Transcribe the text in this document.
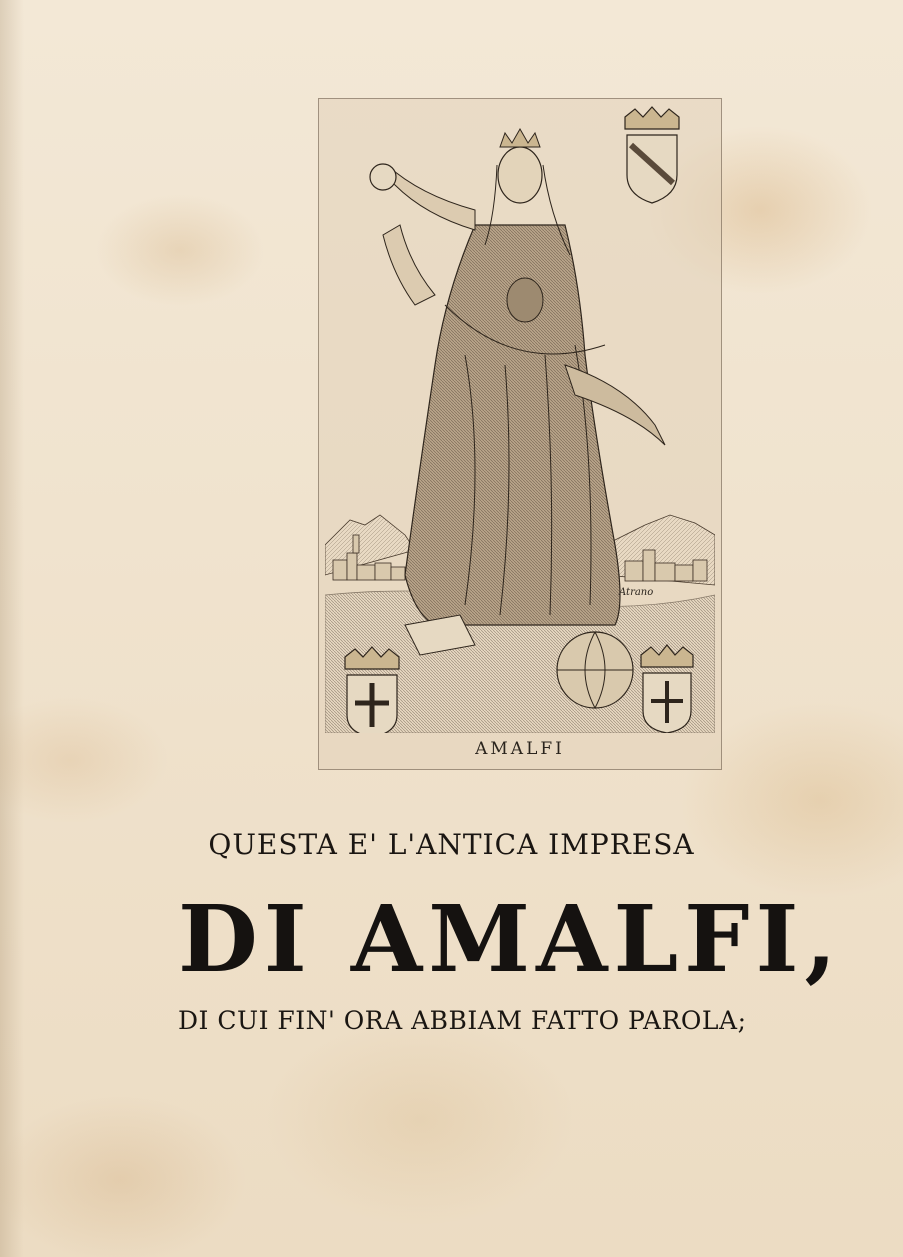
Atrano
AMALFI
QUESTA E' L'ANTICA IMPRESA
DI AMALFI,
DI CUI FIN' ORA ABBIAM FATTO PAROLA;
